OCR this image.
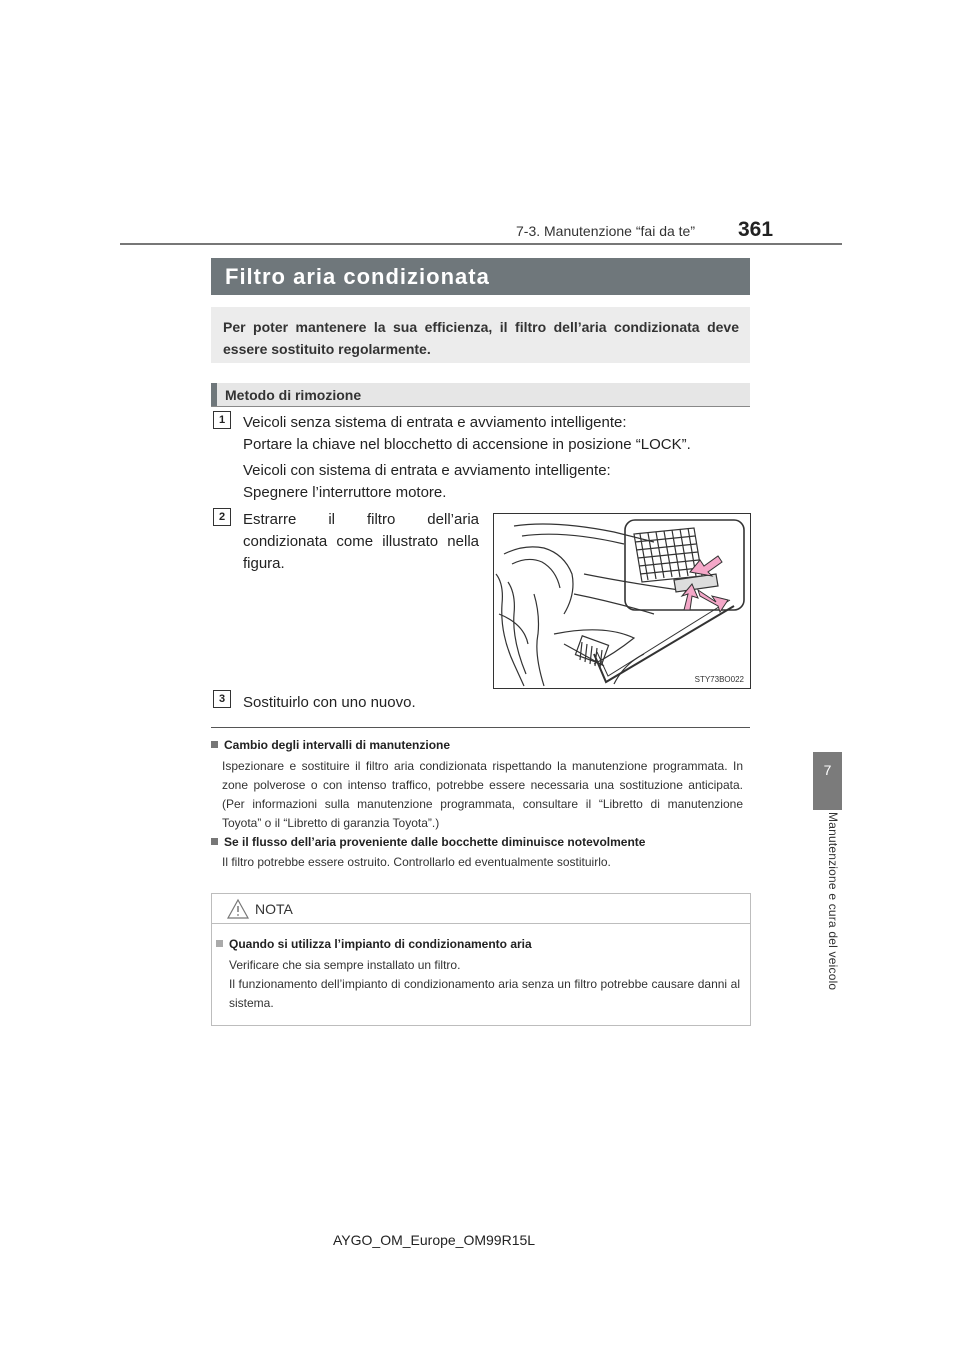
361
7-3. Manutenzione “fai da te”
7
Manutenzione e cura del veicolo
Filtro aria condizionata

Per poter mantenere la sua efficienza, il filtro dell’aria condizionata deve essere sostituito regolarmente.

Metodo di rimozione
1	Veicoli senza sistema di entrata e avviamento intelligente:
Portare la chiave nel blocchetto di accensione in posizione “LOCK”.
Veicoli con sistema di entrata e avviamento intelligente:
Spegnere l’interruttore motore.
2	Estrarre il filtro dell’aria
condizionata come illustrato nella
figura.
STY73BO022
3	Sostituirlo con uno nuovo.
Cambio degli intervalli di manutenzione
Ispezionare e sostituire il filtro aria condizionata rispettando la manutenzione programmata. In zone polverose o con intenso traffico, potrebbe essere necessaria una sostituzione anticipata. (Per informazioni sulla manutenzione programmata, consultare il “Libretto di manutenzione Toyota” o il “Libretto di garanzia Toyota”.)
Se il flusso dell’aria proveniente dalle bocchette diminuisce notevolmente
Il filtro potrebbe essere ostruito. Controllarlo ed eventualmente sostituirlo.
NOTA
Quando si utilizza l’impianto di condizionamento aria
Verificare che sia sempre installato un filtro.
Il funzionamento dell’impianto di condizionamento aria senza un filtro potrebbe causare danni al sistema.
AYGO_OM_Europe_OM99R15L
